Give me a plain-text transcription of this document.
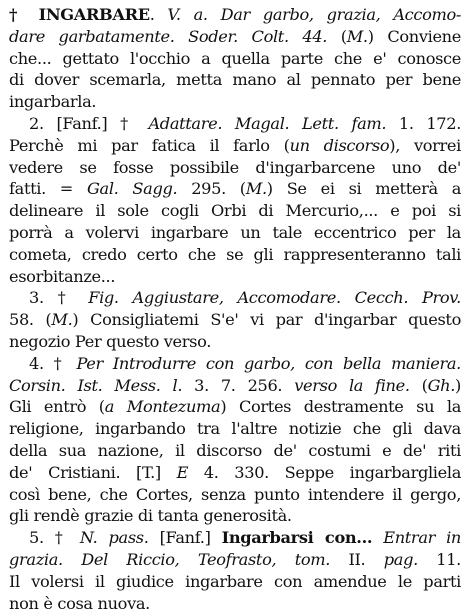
† INGARBARE. V. a. Dar garbo, grazia, Accomo-
dare garbatamente. Soder. Colt. 44. (M.) Conviene
che... gettato l'occhio a quella parte che e' conosce
di dover scemarla, metta mano al pennato per bene
ingarbarla.
2. [Fanf.] † Adattare. Magal. Lett. fam. 1. 172.
Perchè mi par fatica il farlo (un discorso), vorrei
vedere se fosse possibile d'ingarbarcene uno de'
fatti. = Gal. Sagg. 295. (M.) Se ei si metterà a
delineare il sole cogli Orbi di Mercurio,... e poi si
porrà a volervi ingarbare un tale eccentrico per la
cometa, credo certo che se gli rappresenteranno tali
esorbitanze...
3. † Fig. Aggiustare, Accomodare. Cecch. Prov.
58. (M.) Consigliatemi S'e' vi par d'ingarbar questo
negozio Per questo verso.
4. † Per Introdurre con garbo, con bella maniera.
Corsin. Ist. Mess. l. 3. 7. 256. verso la fine. (Gh.)
Gli entrò (a Montezuma) Cortes destramente su la
religione, ingarbando tra l'altre notizie che gli dava
della sua nazione, il discorso de' costumi e de' riti
de' Cristiani. [T.] E 4. 330. Seppe ingarbargliela
così bene, che Cortes, senza punto intendere il gergo,
gli rendè grazie di tanta generosità.
5. † N. pass. [Fanf.] Ingarbarsi con... Entrar in
grazia. Del Riccio, Teofrasto, tom. II. pag. 11.
Il volersi il giudice ingarbare con amendue le parti
non è cosa nuova.
